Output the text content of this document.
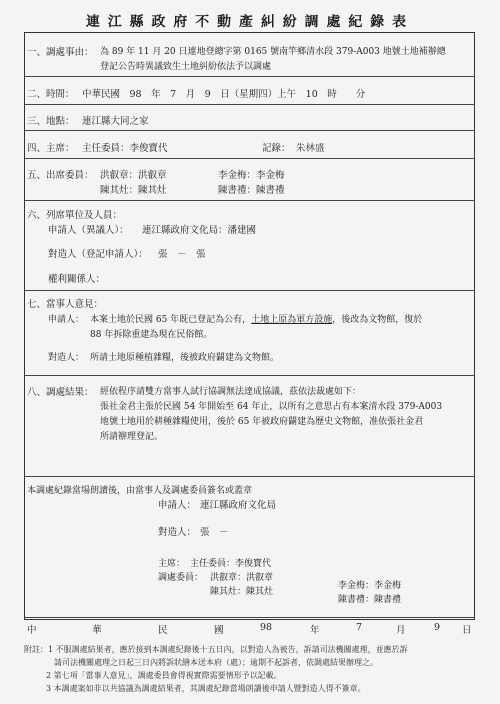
連江縣政府不動產糾紛調處紀錄表
一、調處事由： 為 89 年 11 月 20 日連地登總字第 0165 號南竿鄉清水段 379-A003 地號土地補辦總
登記公告時異議致生土地糾紛依法予以調處
二、時間： 中華民國　98　年　7　月　9　日（星期四）上午　10　時　　分
三、地點： 連江縣大同之家
四、主席： 主任委員：李俊寶代	記錄： 朱林盛
五、出席委員： 洪叡章：洪叡章	李金梅：李金梅
陳其灶：陳其灶	陳書禮：陳書禮
六、列席單位及人員：
申請人（異議人）： 連江縣政府文化局：潘建國
對造人（登記申請人）： 張　－　張
權利關係人：
七、當事人意見：
申請人： 本案土地於民國 65 年既已登記為公有，土地上原為軍方設施，後改為文物館，復於
88 年拆除重建為現在民俗館。
對造人： 所請土地原種植雜糧，後被政府闢建為文物館。
八、調處結果： 經依程序請雙方當事人試行協調無法達成協議，茲依法裁處如下：
張社金君主張於民國 54 年開始至 64 年止，以所有之意思占有本案清水段 379-A003
地號土地用於耕種雜糧使用，後於 65 年被政府闢建為歷史文物館，准依張社金君
所請辦理登記。
本調處紀錄當場朗讀後，由當事人及調處委員簽名或蓋章
申請人： 連江縣政府文化局
對造人： 張　－
主席： 主任委員：李俊寶代
調處委員： 洪叡章：洪叡章
陳其灶：陳其灶
李金梅：李金梅
陳書禮：陳書禮
中	華	民	國	98	年	7	月	9 日
附註：1 不服調處結果者，應於接到本調處紀錄後十五日內，以對造人為被告，訴請司法機關處理，並應於訴
請司法機關處理之日起三日內將訴狀繕本送本府（處）；逾期不起訴者，依調處結果辦理之。
2 第七項「當事人意見」，調處委員會得視實際需要情形予以記載。
3 本調處案如非以共協議為調處結果者，其調處紀錄當場朗讀後申請人暨對造人得不簽章。
